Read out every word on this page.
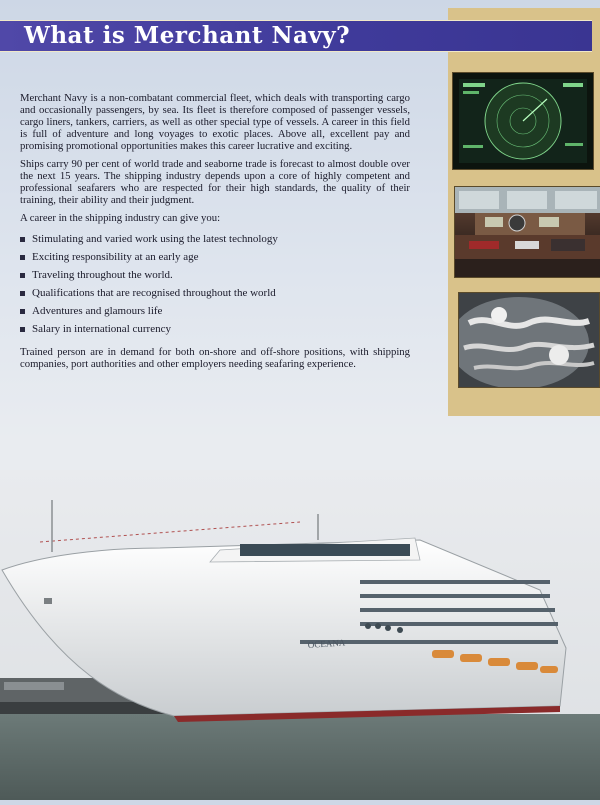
What is Merchant Navy?

Merchant Navy is a non-combatant commercial fleet, which deals with transporting cargo and occasionally passengers, by sea. Its fleet is therefore composed of passenger vessels, cargo liners, tankers, carriers, as well as other special type of vessels. A career in this field is full of adventure and long voyages to exotic places. Above all, excellent pay and promising promotional opportunities makes this career lucrative and exciting.

Ships carry 90 per cent of world trade and seaborne trade is forecast to almost double over the next 15 years. The shipping industry depends upon a core of highly competent and professional seafarers who are respected for their high standards, the quality of their training, their ability and their judgment.

A career in the shipping industry can give you:

Stimulating and varied work using the latest technology
Exciting responsibility at an early age
Traveling throughout the world.
Qualifications that are recognised throughout the world
Adventures and glamours life
Salary in international currency

Trained person are in demand for both on-shore and off-shore positions, with shipping companies, port authorities and other employers needing seafaring experience.

OCEANA
